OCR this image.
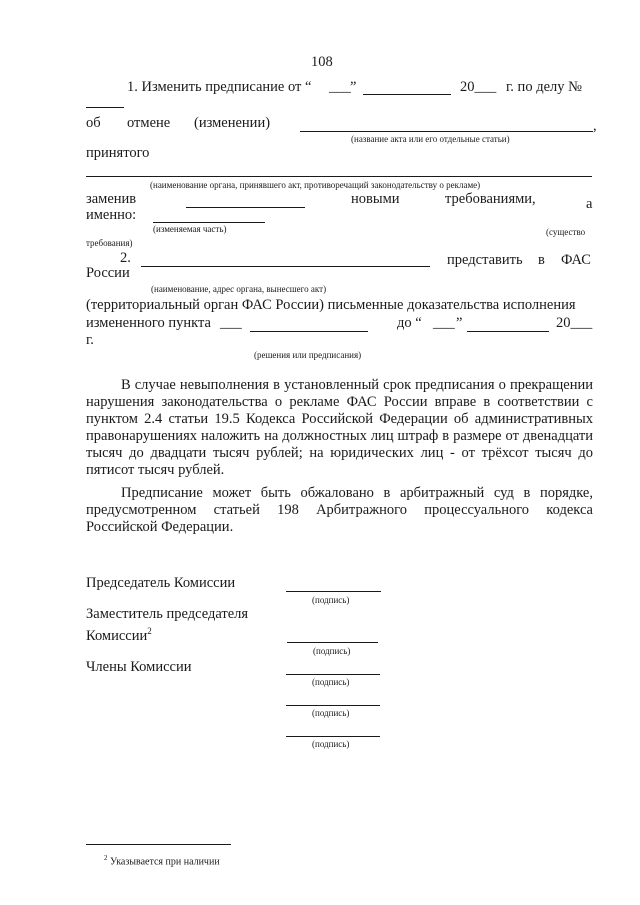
108
1. Изменить предписание от “ ___ ”	20___ г. по делу №
об отмене (изменении)	,
(название акта или его отдельные статьи)
принятого
(наименование органа, принявшего акт, противоречащий законодательству о рекламе)
заменив	новыми	требованиями,	а
именно:
(изменяемая часть)	(существо
требования)
2.	представить в ФАС
России
(наименование, адрес органа, вынесшего акт)
(территориальный орган ФАС России) письменные доказательства исполнения
измененного пункта ___	до “ ___ ”	20___
г.
(решения или предписания)
В случае невыполнения в установленный срок предписания о прекращении нарушения законодательства о рекламе ФАС России вправе в соответствии с пунктом 2.4 статьи 19.5 Кодекса Российской Федерации об административных правонарушениях наложить на должностных лиц штраф в размере от двенадцати тысяч до двадцати тысяч рублей; на юридических лиц - от трёхсот тысяч до пятисот тысяч рублей.
Предписание может быть обжаловано в арбитражный суд в порядке, предусмотренном статьей 198 Арбитражного процессуального кодекса Российской Федерации.
Председатель Комиссии
(подпись)
Заместитель председателя
Комиссии$^2$
(подпись)
Члены Комиссии
(подпись)
(подпись)
(подпись)
$^2$ Указывается при наличии
